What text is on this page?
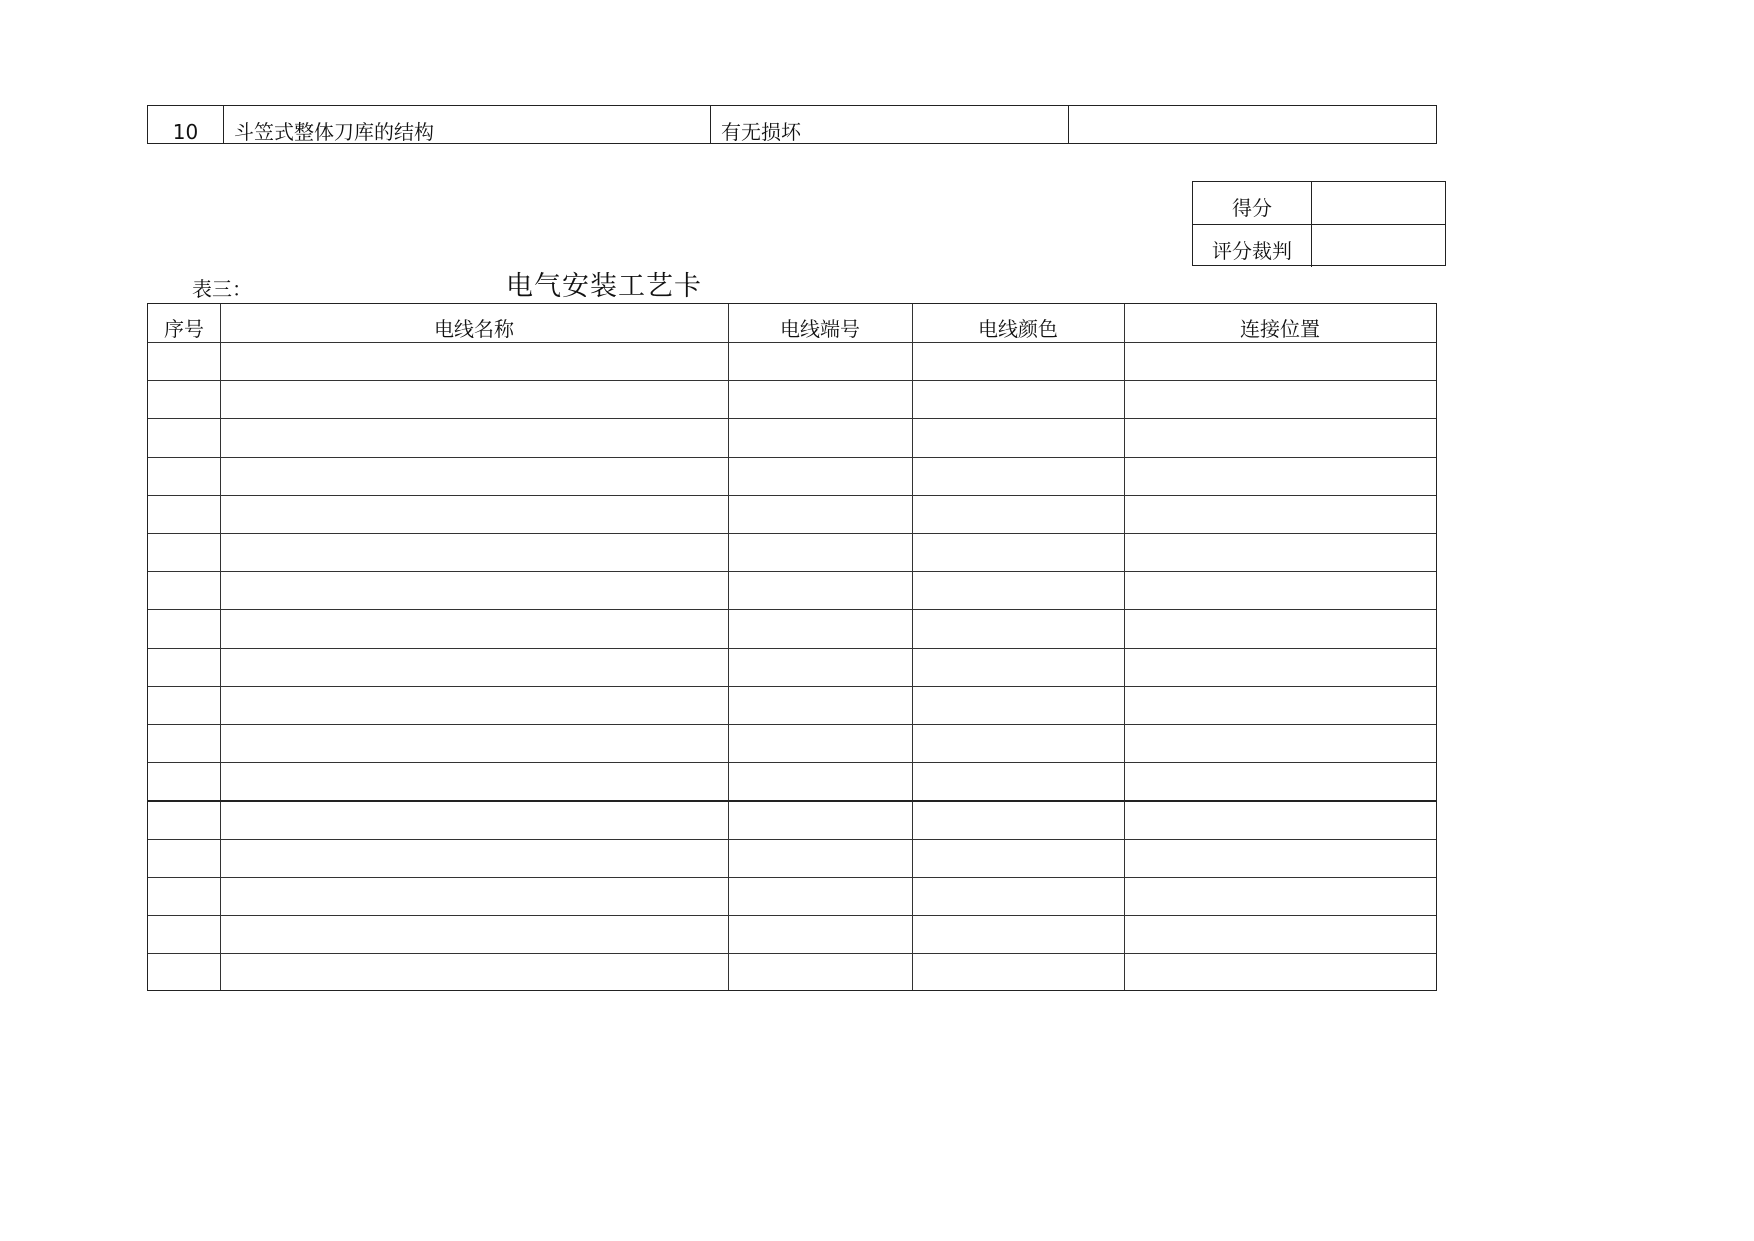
10 斗笠式整体刀库的结构	有无损坏
得分
评分裁判
表三：	电气安装工艺卡
序号	电线名称	电线端号	电线颜色	连接位置
